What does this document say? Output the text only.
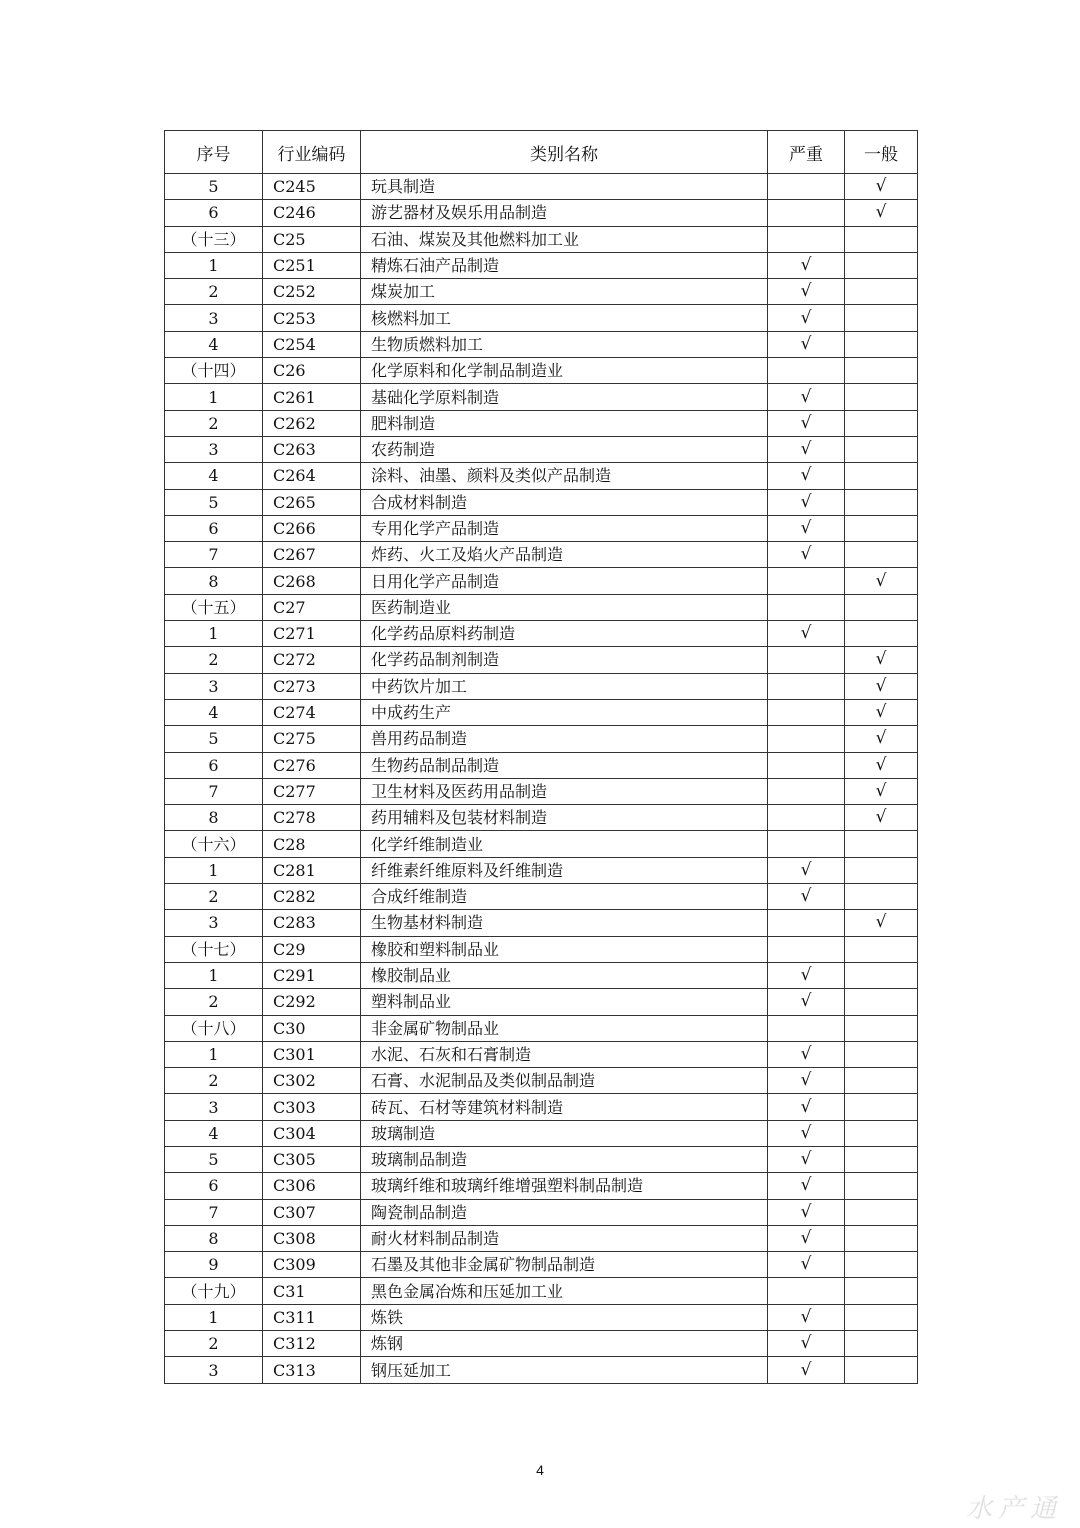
序号	行业编码	类别名称	严重	一般
5	C245	玩具制造		√
6	C246	游艺器材及娱乐用品制造		√
（十三）	C25	石油、煤炭及其他燃料加工业		
1	C251	精炼石油产品制造	√	
2	C252	煤炭加工	√	
3	C253	核燃料加工	√	
4	C254	生物质燃料加工	√	
（十四）	C26	化学原料和化学制品制造业		
1	C261	基础化学原料制造	√	
2	C262	肥料制造	√	
3	C263	农药制造	√	
4	C264	涂料、油墨、颜料及类似产品制造	√	
5	C265	合成材料制造	√	
6	C266	专用化学产品制造	√	
7	C267	炸药、火工及焰火产品制造	√	
8	C268	日用化学产品制造		√
（十五）	C27	医药制造业		
1	C271	化学药品原料药制造	√	
2	C272	化学药品制剂制造		√
3	C273	中药饮片加工		√
4	C274	中成药生产		√
5	C275	兽用药品制造		√
6	C276	生物药品制品制造		√
7	C277	卫生材料及医药用品制造		√
8	C278	药用辅料及包装材料制造		√
（十六）	C28	化学纤维制造业		
1	C281	纤维素纤维原料及纤维制造	√	
2	C282	合成纤维制造	√	
3	C283	生物基材料制造		√
（十七）	C29	橡胶和塑料制品业		
1	C291	橡胶制品业	√	
2	C292	塑料制品业	√	
（十八）	C30	非金属矿物制品业		
1	C301	水泥、石灰和石膏制造	√	
2	C302	石膏、水泥制品及类似制品制造	√	
3	C303	砖瓦、石材等建筑材料制造	√	
4	C304	玻璃制造	√	
5	C305	玻璃制品制造	√	
6	C306	玻璃纤维和玻璃纤维增强塑料制品制造	√	
7	C307	陶瓷制品制造	√	
8	C308	耐火材料制品制造	√	
9	C309	石墨及其他非金属矿物制品制造	√	
（十九）	C31	黑色金属冶炼和压延加工业		
1	C311	炼铁	√	
2	C312	炼钢	√	
3	C313	钢压延加工	√	
4
水产通
